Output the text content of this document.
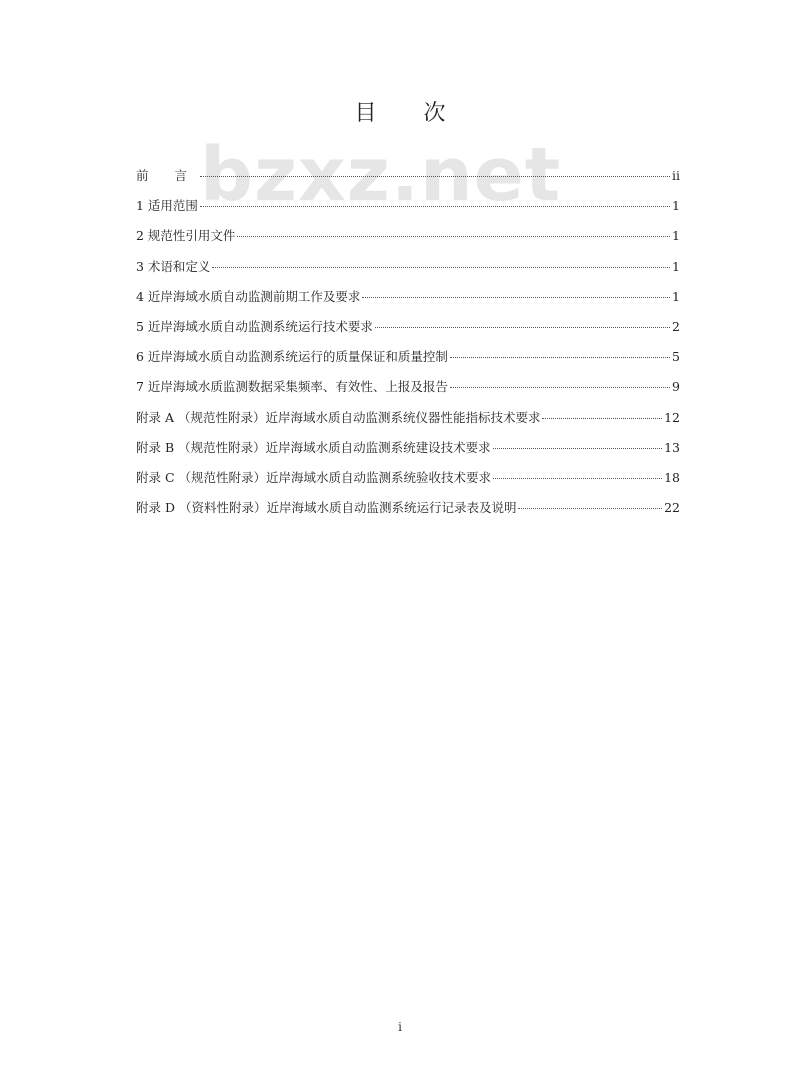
bzxz.net
目 次
前 言	ii
1 适用范围	1
2 规范性引用文件	1
3 术语和定义	1
4 近岸海域水质自动监测前期工作及要求	1
5 近岸海域水质自动监测系统运行技术要求	2
6 近岸海域水质自动监测系统运行的质量保证和质量控制	5
7 近岸海域水质监测数据采集频率、有效性、上报及报告	9
附录 A （规范性附录）近岸海域水质自动监测系统仪器性能指标技术要求	12
附录 B （规范性附录）近岸海域水质自动监测系统建设技术要求	13
附录 C （规范性附录）近岸海域水质自动监测系统验收技术要求	18
附录 D （资料性附录）近岸海域水质自动监测系统运行记录表及说明	22
i
